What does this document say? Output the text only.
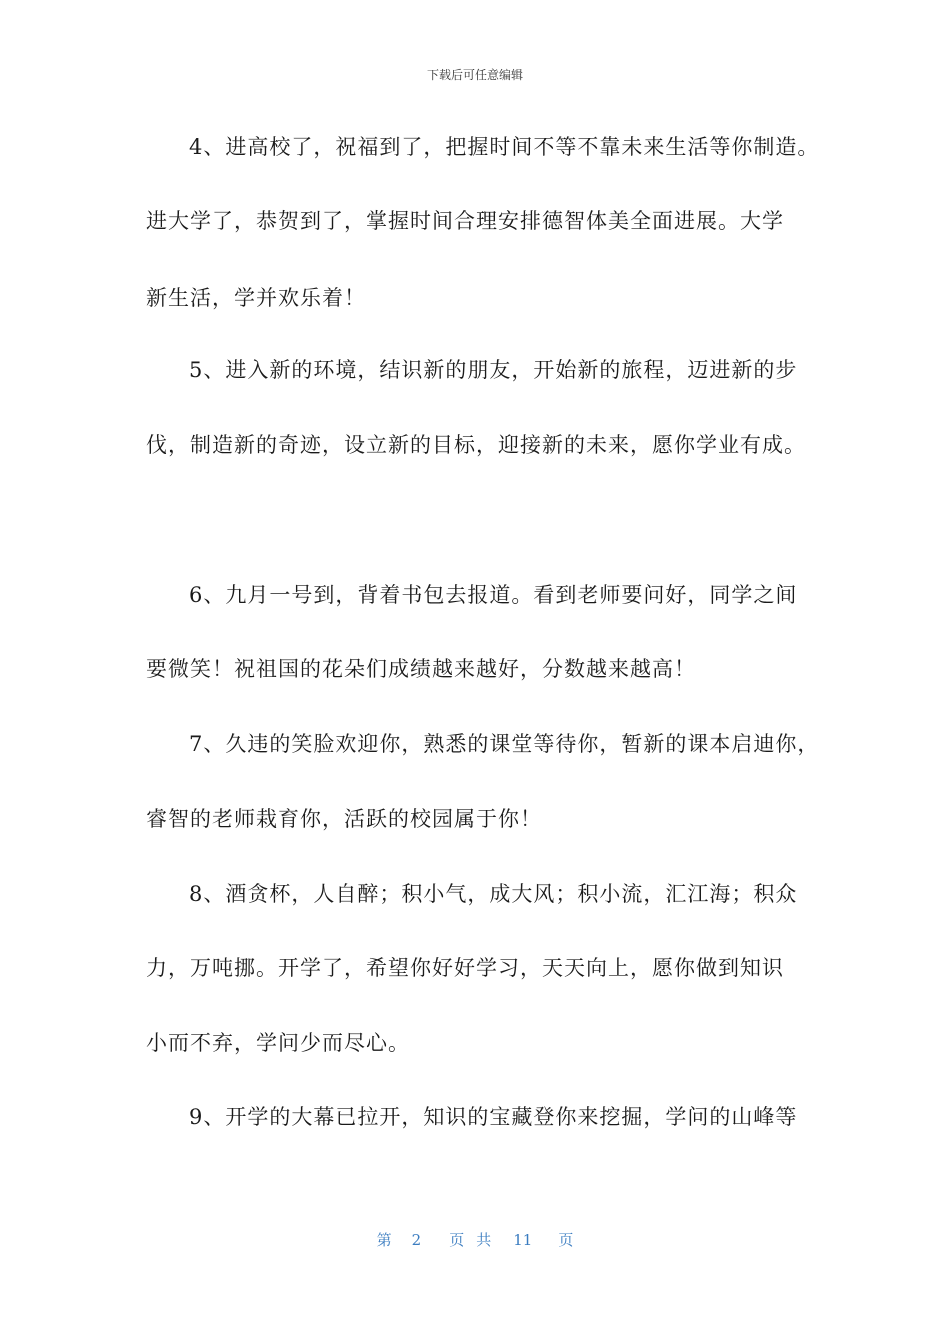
下载后可任意编辑
4、进高校了，祝福到了，把握时间不等不靠未来生活等你制造。
进大学了，恭贺到了，掌握时间合理安排德智体美全面进展。大学
新生活，学并欢乐着！
5、进入新的环境，结识新的朋友，开始新的旅程，迈进新的步
伐，制造新的奇迹，设立新的目标，迎接新的未来，愿你学业有成。
6、九月一号到，背着书包去报道。看到老师要问好，同学之间
要微笑！祝祖国的花朵们成绩越来越好，分数越来越高！
7、久违的笑脸欢迎你，熟悉的课堂等待你，暂新的课本启迪你，
睿智的老师栽育你，活跃的校园属于你！
8、酒贪杯，人自醉；积小气，成大风；积小流，汇江海；积众
力，万吨挪。开学了，希望你好好学习，天天向上，愿你做到知识
小而不弃，学问少而尽心。
9、开学的大幕已拉开，知识的宝藏登你来挖掘，学问的山峰等
第 2 页 共 11 页
